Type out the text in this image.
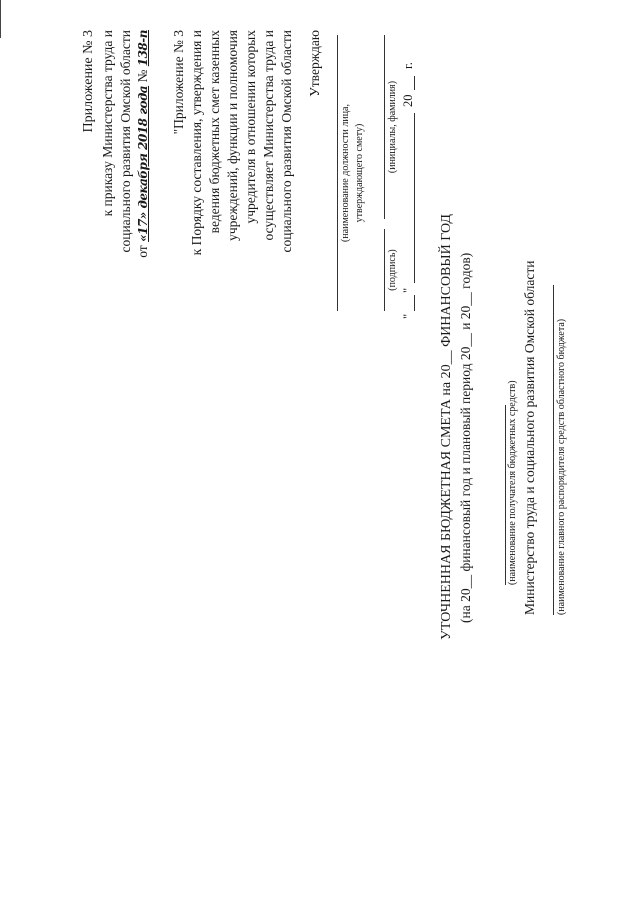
Приложение № 3 к приказу Министерства труда и социального развития Омской области от «17» декабря 2018 года № 138-п "Приложение № 3 к Порядку составления, утверждения и ведения бюджетных смет казенных учреждений, функции и полномочия учредителя в отношении которых осуществляет Министерства труда и социального развития Омской области Утверждаю
(наименование должности лица, утверждающего смету)
(подпись)
(инициалы, фамилия)
"
"
20
г.
УТОЧНЕННАЯ БЮДЖЕТНАЯ СМЕТА на 20__ ФИНАНСОВЫЙ ГОД (на 20__ финансовый год и плановый период 20__ и 20__ годов)	(наименование получателя бюджетных средств) Министерство труда и социального развития Омской области (наименование главного распорядителя средств областного бюджета)
